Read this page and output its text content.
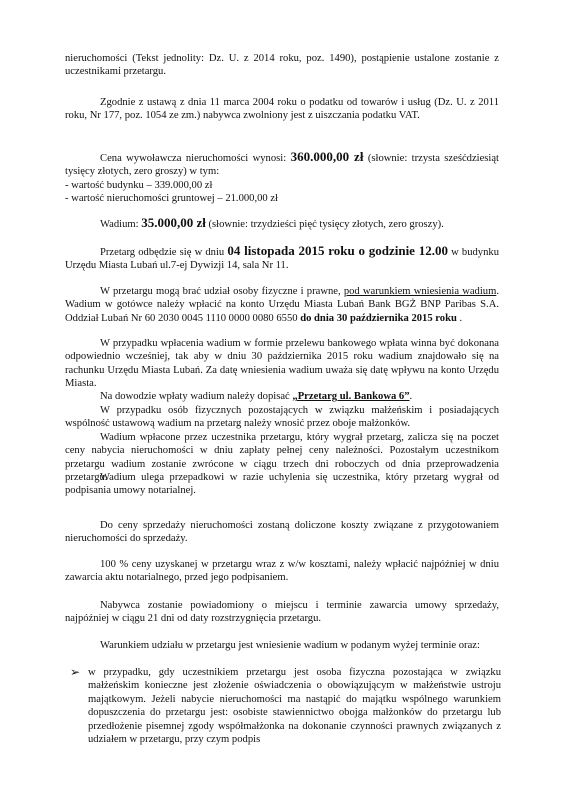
nieruchomości (Tekst jednolity: Dz. U. z 2014 roku, poz. 1490), postąpienie ustalone zostanie z uczestnikami przetargu.

Zgodnie z ustawą z dnia 11 marca 2004 roku o podatku od towarów i usług (Dz. U. z 2011 roku, Nr 177, poz. 1054 ze zm.) nabywca zwolniony jest z uiszczania podatku VAT.

Cena wywoławcza nieruchomości wynosi: 360.000,00 zł (słownie: trzysta sześćdziesiąt tysięcy złotych, zero groszy) w tym:
- wartość budynku – 339.000,00 zł
- wartość nieruchomości gruntowej – 21.000,00 zł

Wadium: 35.000,00 zł (słownie: trzydzieści pięć tysięcy złotych, zero groszy).

Przetarg odbędzie się w dniu 04 listopada 2015 roku o godzinie 12.00 w budynku Urzędu Miasta Lubań ul.7-ej Dywizji 14, sala Nr 11.

W przetargu mogą brać udział osoby fizyczne i prawne, pod warunkiem wniesienia wadium. Wadium w gotówce należy wpłacić na konto Urzędu Miasta Lubań Bank BGŻ BNP Paribas S.A. Oddział Lubań Nr 60 2030 0045 1110 0000 0080 6550 do dnia 30 października 2015 roku .

W przypadku wpłacenia wadium w formie przelewu bankowego wpłata winna być dokonana odpowiednio wcześniej, tak aby w dniu 30 października 2015 roku wadium znajdowało się na rachunku Urzędu Miasta Lubań. Za datę wniesienia wadium uważa się datę wpływu na konto Urzędu Miasta.

Na dowodzie wpłaty wadium należy dopisać „Przetarg ul. Bankowa 6”.

W przypadku osób fizycznych pozostających w związku małżeńskim i posiadających wspólność ustawową wadium na przetarg należy wnosić przez oboje małżonków.

Wadium wpłacone przez uczestnika przetargu, który wygrał przetarg, zalicza się na poczet ceny nabycia nieruchomości w dniu zapłaty pełnej ceny należności. Pozostałym uczestnikom przetargu wadium zostanie zwrócone w ciągu trzech dni roboczych od dnia przeprowadzenia przetargu.

Wadium ulega przepadkowi w razie uchylenia się uczestnika, który przetarg wygrał od podpisania umowy notarialnej.

Do ceny sprzedaży nieruchomości zostaną doliczone koszty związane z przygotowaniem nieruchomości do sprzedaży.

100 % ceny uzyskanej w przetargu wraz z w/w kosztami, należy wpłacić najpóźniej w dniu zawarcia aktu notarialnego, przed jego podpisaniem.

Nabywca zostanie powiadomiony o miejscu i terminie zawarcia umowy sprzedaży, najpóźniej w ciągu 21 dni od daty rozstrzygnięcia przetargu.

Warunkiem udziału w przetargu jest wniesienie wadium w podanym wyżej terminie oraz:

➢ w przypadku, gdy uczestnikiem przetargu jest osoba fizyczna pozostająca w związku małżeńskim konieczne jest złożenie oświadczenia o obowiązującym w małżeństwie ustroju majątkowym. Jeżeli nabycie nieruchomości ma nastąpić do majątku wspólnego warunkiem dopuszczenia do przetargu jest: osobiste stawiennictwo obojga małżonków do przetargu lub przedłożenie pisemnej zgody współmałżonka na dokonanie czynności prawnych związanych z udziałem w przetargu, przy czym podpis
